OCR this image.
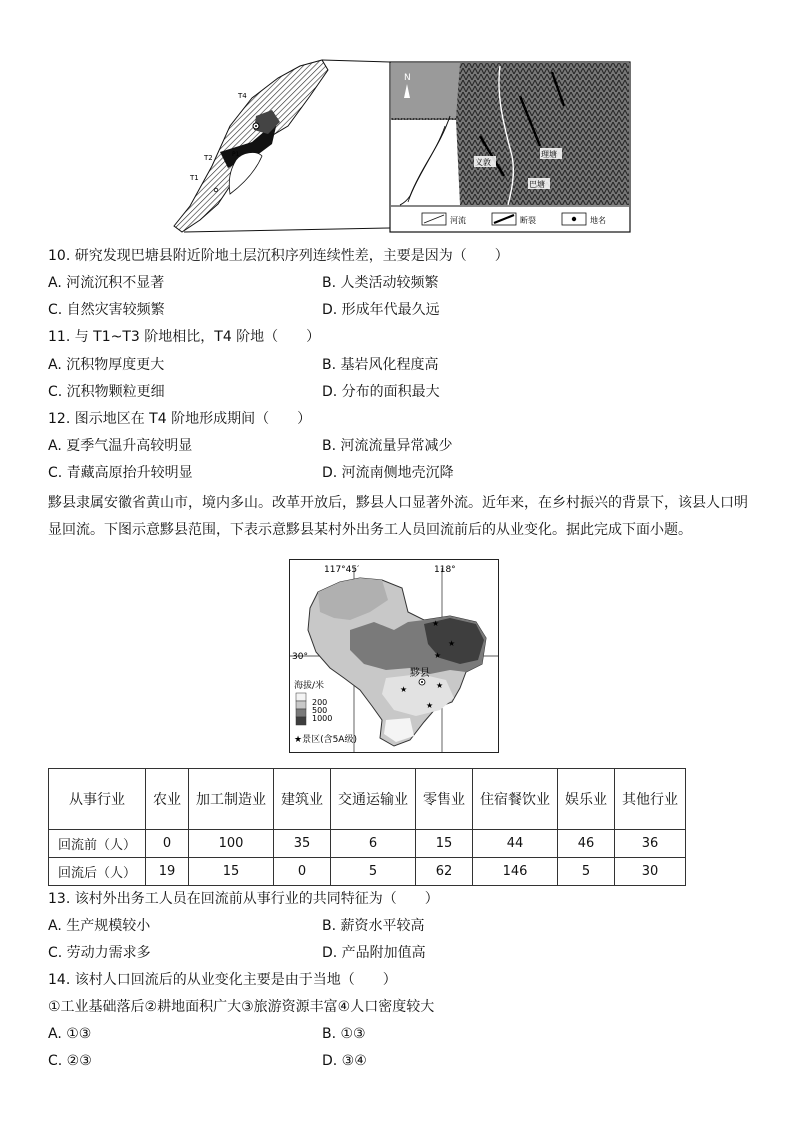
T4
T2
T1
P1
N
义敦
理塘
巴塘
河流	断裂	地名
10. 研究发现巴塘县附近阶地土层沉积序列连续性差，主要是因为（　　）
A. 河流沉积不显著	B. 人类活动较频繁
C. 自然灾害较频繁	D. 形成年代最久远
11. 与 T1~T3 阶地相比，T4 阶地（　　）
A. 沉积物厚度更大	B. 基岩风化程度高
C. 沉积物颗粒更细	D. 分布的面积最大
12. 图示地区在 T4 阶地形成期间（　　）
A. 夏季气温升高较明显	B. 河流流量异常减少
C. 青藏高原抬升较明显	D. 河流南侧地壳沉降
黟县隶属安徽省黄山市，境内多山。改革开放后，黟县人口显著外流。近年来，在乡村振兴的背景下，该县人口明显回流。下图示意黟县范围，下表示意黟县某村外出务工人员回流前后的从业变化。据此完成下面小题。
117°45′	118°
30°
★
★
★
★
★
★
黟县
海拔/米
200
500
1000
★景区(含5A级)
从事行业	农业	加工制造业	建筑业	交通运输业	零售业	住宿餐饮业	娱乐业	其他行业
回流前（人）	0	100	35	6	15	44	46	36
回流后（人）	19	15	0	5	62	146	5	30
13. 该村外出务工人员在回流前从事行业的共同特征为（　　）
A. 生产规模较小	B. 薪资水平较高
C. 劳动力需求多	D. 产品附加值高
14. 该村人口回流后的从业变化主要是由于当地（　　）
①工业基础落后②耕地面积广大③旅游资源丰富④人口密度较大
A. ①③	B. ①③
C. ②③	D. ③④
